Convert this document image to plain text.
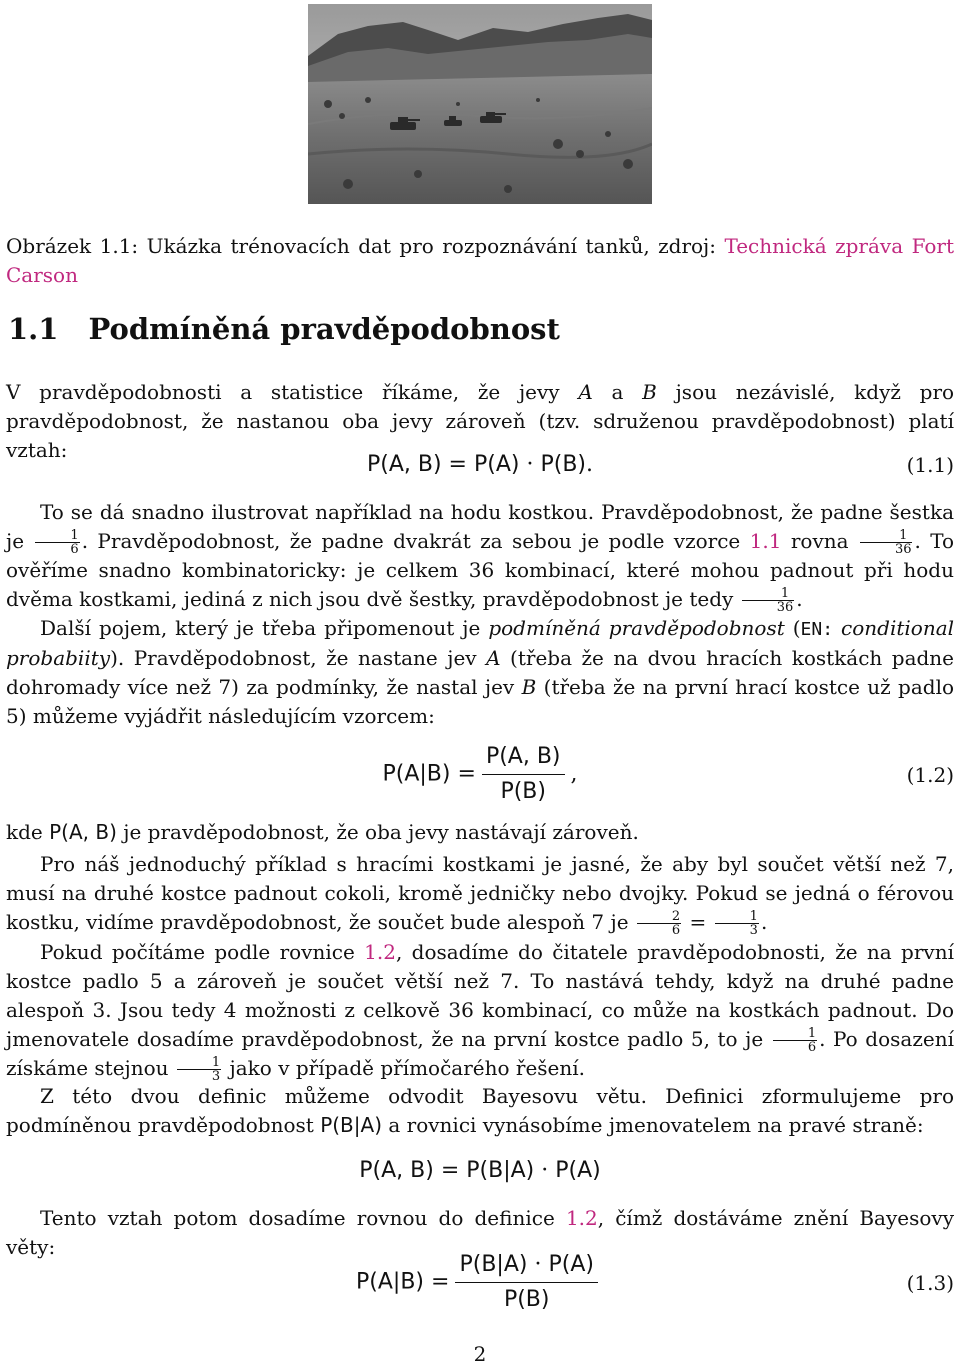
Obrázek 1.1: Ukázka trénovacích dat pro rozpoznávání tanků, zdroj: Technická zpráva Fort Carson
1.1 Podmíněná pravděpodobnost
V pravděpodobnosti a statistice říkáme, že jevy A a B jsou nezávislé, když pro pravděpodobnost, že nastanou oba jevy zároveň (tzv. sdruženou pravděpodobnost) platí vztah:
P(A, B) = P(A) · P(B).	(1.1)
To se dá snadno ilustrovat například na hodu kostkou. Pravděpodobnost, že padne šestka je $\frac{1}{6}$ . Pravděpodobnost, že padne dvakrát za sebou je podle vzorce 1.1 rovna $\frac{1}{36}$ . To ověříme snadno kombinatoricky: je celkem 36 kombinací, které mohou padnout při hodu dvěma kostkami, jediná z nich jsou dvě šestky, pravděpodobnost je tedy $\frac{1}{36}$ .
Další pojem, který je třeba připomenout je podmíněná pravděpodobnost (EN: conditional probabiity). Pravděpodobnost, že nastane jev A (třeba že na dvou hracích kostkách padne dohromady více než 7) za podmínky, že nastal jev B (třeba že na první hrací kostce už padlo 5) můžeme vyjádřit následujícím vzorcem:
$P(A|B) = \frac{P(A, B)}{P(B)}$ ,	(1.2)
kde P(A, B) je pravděpodobnost, že oba jevy nastávají zároveň.
Pro náš jednoduchý příklad s hracími kostkami je jasné, že aby byl součet větší než 7, musí na druhé kostce padnout cokoli, kromě jedničky nebo dvojky. Pokud se jedná o férovou kostku, vidíme pravděpodobnost, že součet bude alespoň 7 je $\frac{2}{6} = \frac{1}{3}$ .
Pokud počítáme podle rovnice 1.2, dosadíme do čitatele pravděpodobnosti, že na první kostce padlo 5 a zároveň je součet větší než 7. To nastává tehdy, když na druhé padne alespoň 3. Jsou tedy 4 možnosti z celkově 36 kombinací, co může na kostkách padnout. Do jmenovatele dosadíme pravděpodobnost, že na první kostce padlo 5, to je $\frac{1}{6}$ . Po dosazení získáme stejnou $\frac{1}{3}$ jako v případě přímočarého řešení.
Z této dvou definic můžeme odvodit Bayesovu větu. Definici zformulujeme pro podmíněnou pravděpodobnost P(B|A) a rovnici vynásobíme jmenovatelem na pravé straně:
P(A, B) = P(B|A) · P(A)
Tento vztah potom dosadíme rovnou do definice 1.2, čímž dostáváme znění Bayesovy věty:
$P(A|B) = \frac{P(B|A) \cdot P(A)}{P(B)}$	(1.3)
2
